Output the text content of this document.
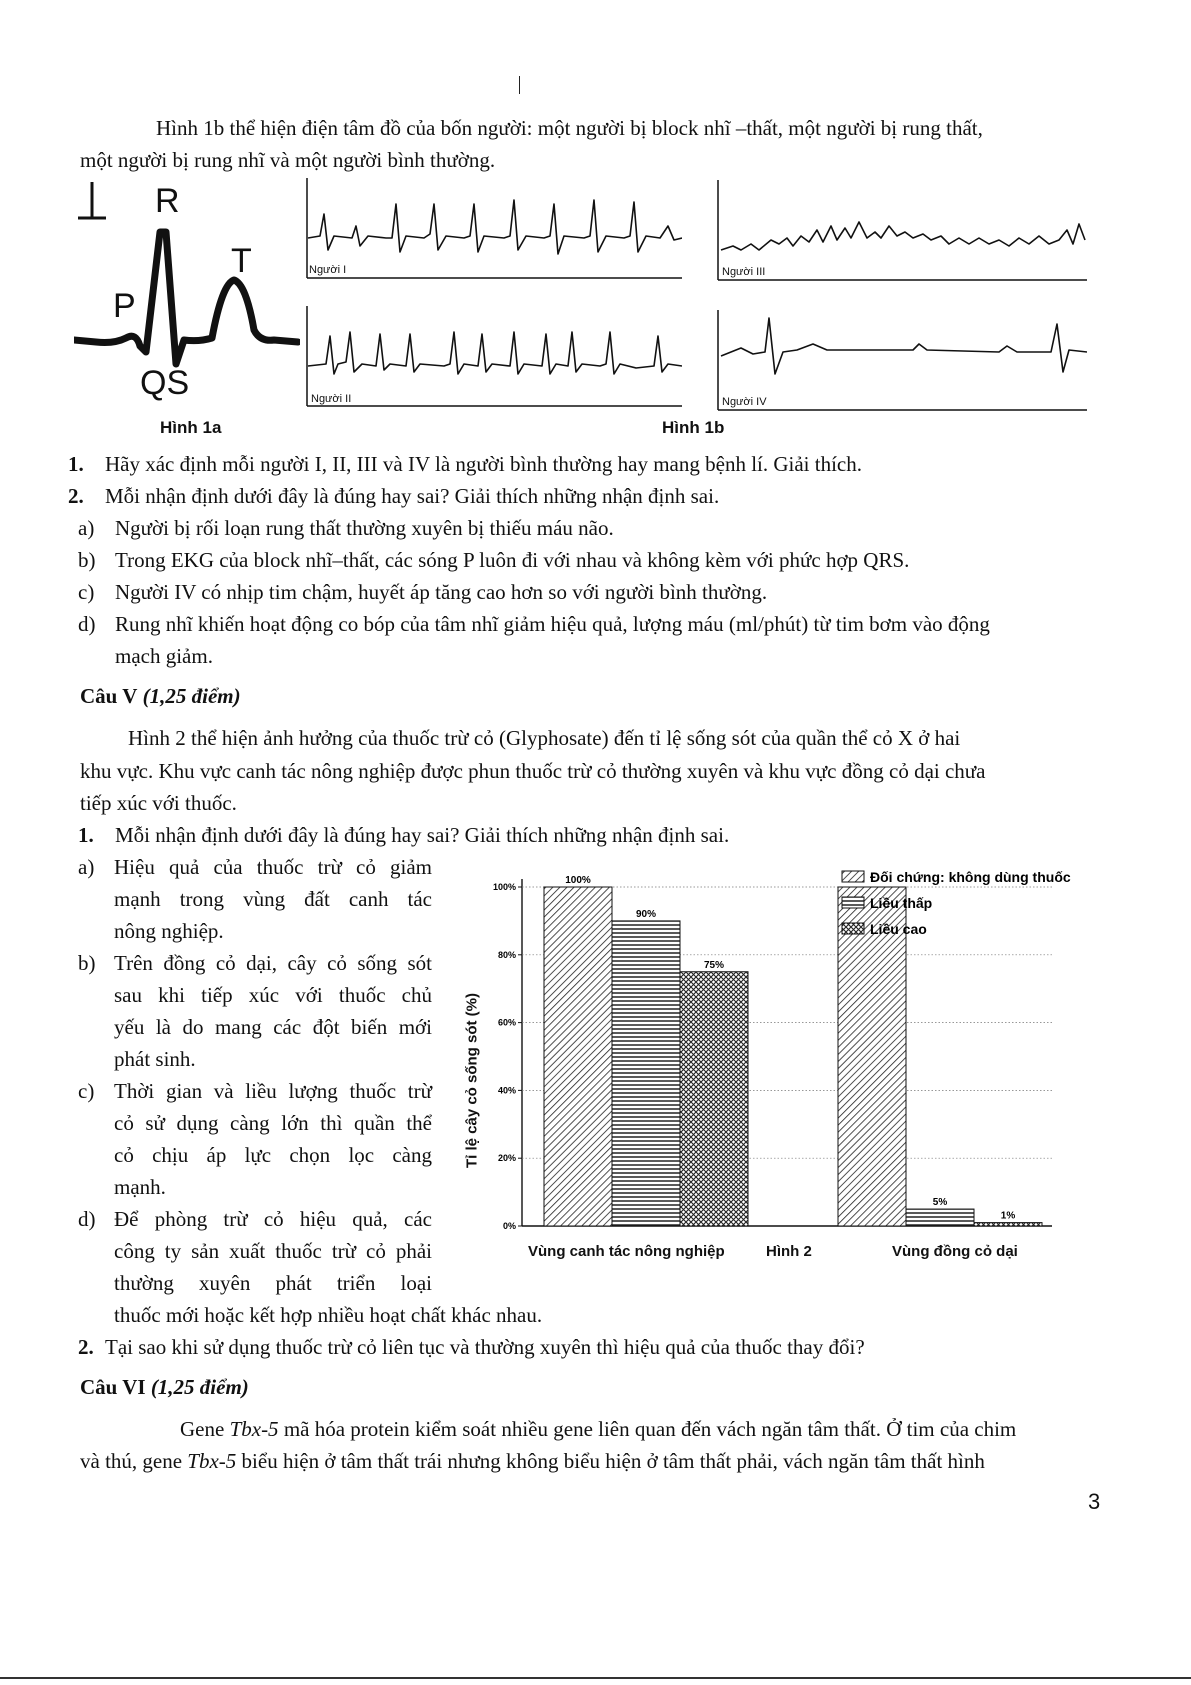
Hình 1b thể hiện điện tâm đồ của bốn người: một người bị block nhĩ –thất, một người bị rung thất,
một người bị rung nhĩ và một người bình thường.
R
T
P
QS
Hình 1a
Người I	Người III
Người II	Người IV
Hình 1b
1. Hãy xác định mỗi người I, II, III và IV là người bình thường hay mang bệnh lí. Giải thích.
2. Mỗi nhận định dưới đây là đúng hay sai? Giải thích những nhận định sai.
a) Người bị rối loạn rung thất thường xuyên bị thiếu máu não.
b) Trong EKG của block nhĩ–thất, các sóng P luôn đi với nhau và không kèm với phức hợp QRS.
c) Người IV có nhịp tim chậm, huyết áp tăng cao hơn so với người bình thường.
d) Rung nhĩ khiến hoạt động co bóp của tâm nhĩ giảm hiệu quả, lượng máu (ml/phút) từ tim bơm vào động
mạch giảm.
Câu V (1,25 điểm)
Hình 2 thể hiện ảnh hưởng của thuốc trừ cỏ (Glyphosate) đến tỉ lệ sống sót của quần thể cỏ X ở hai
khu vực. Khu vực canh tác nông nghiệp được phun thuốc trừ cỏ thường xuyên và khu vực đồng cỏ dại chưa
tiếp xúc với thuốc.
1. Mỗi nhận định dưới đây là đúng hay sai? Giải thích những nhận định sai.
a) Hiệu quả của thuốc trừ cỏ giảm
mạnh trong vùng đất canh tác
nông nghiệp.
b) Trên đồng cỏ dại, cây cỏ sống sót
sau khi tiếp xúc với thuốc chủ
yếu là do mang các đột biến mới
phát sinh.
c) Thời gian và liều lượng thuốc trừ
cỏ sử dụng càng lớn thì quần thể
cỏ chịu áp lực chọn lọc càng
mạnh.
d) Để phòng trừ cỏ hiệu quả, các
công ty sản xuất thuốc trừ cỏ phải
thường xuyên phát triển loại
thuốc mới hoặc kết hợp nhiều hoạt chất khác nhau.
0%
20%
40%
60%
80%
100%
100%
90%
75%
5%
1%
Đối chứng: không dùng thuốc
Liều thấp
Liều cao
Tỉ lệ cây cỏ sống sót (%)
Vùng canh tác nông nghiệp	Hình 2	Vùng đồng cỏ dại
2. Tại sao khi sử dụng thuốc trừ cỏ liên tục và thường xuyên thì hiệu quả của thuốc thay đổi?
Câu VI (1,25 điểm)
Gene Tbx-5 mã hóa protein kiểm soát nhiều gene liên quan đến vách ngăn tâm thất. Ở tim của chim
và thú, gene Tbx-5 biểu hiện ở tâm thất trái nhưng không biểu hiện ở tâm thất phải, vách ngăn tâm thất hình
3
